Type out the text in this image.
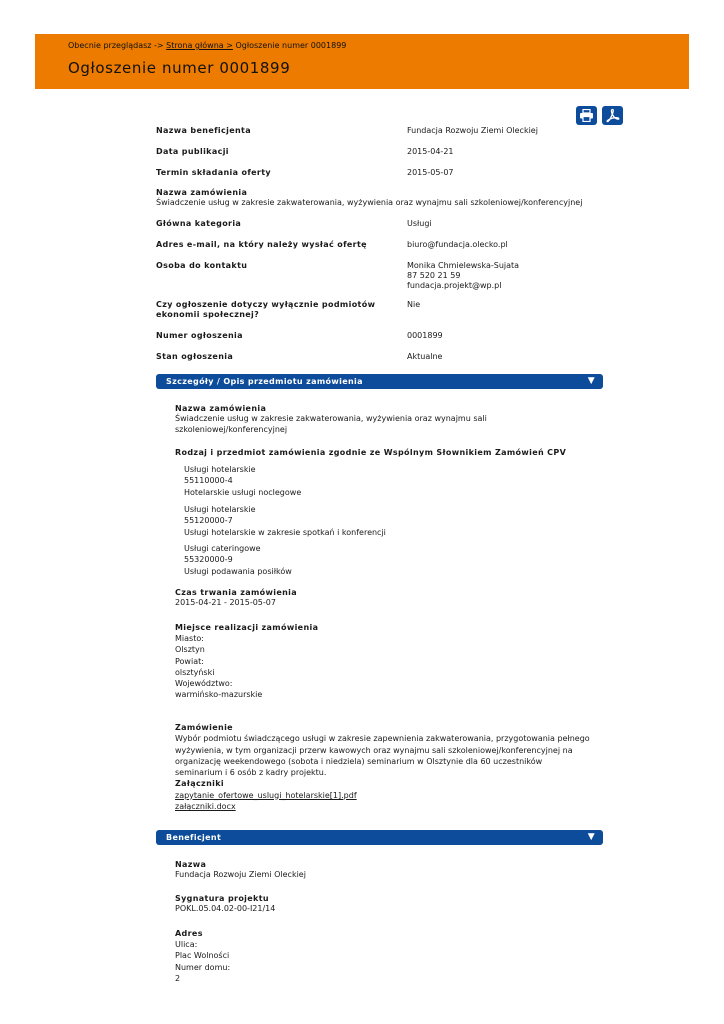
Obecnie przeglądasz -> Strona główna > Ogłoszenie numer 0001899
Ogłoszenie numer 0001899
Nazwa beneficjenta	Fundacja Rozwoju Ziemi Oleckiej
Data publikacji	2015-04-21
Termin składania oferty	2015-05-07
Nazwa zamówienia
Świadczenie usług w zakresie zakwaterowania, wyżywienia oraz wynajmu sali szkoleniowej/konferencyjnej
Główna kategoria	Usługi
Adres e-mail, na który należy wysłać ofertę	biuro@fundacja.olecko.pl
Osoba do kontaktu	Monika Chmielewska-Sujata
87 520 21 59
fundacja.projekt@wp.pl
Czy ogłoszenie dotyczy wyłącznie podmiotów ekonomii społecznej?
Nie
Numer ogłoszenia	0001899
Stan ogłoszenia	Aktualne
Szczegóły / Opis przedmiotu zamówienia	▼
Nazwa zamówienia
Świadczenie usług w zakresie zakwaterowania, wyżywienia oraz wynajmu sali szkoleniowej/konferencyjnej
Rodzaj i przedmiot zamówienia zgodnie ze Wspólnym Słownikiem Zamówień CPV
Usługi hotelarskie
55110000-4
Hotelarskie usługi noclegowe
Usługi hotelarskie
55120000-7
Usługi hotelarskie w zakresie spotkań i konferencji
Usługi cateringowe
55320000-9
Usługi podawania posiłków
Czas trwania zamówienia
2015-04-21 - 2015-05-07
Miejsce realizacji zamówienia
Miasto:
Olsztyn
Powiat:
olsztyński
Województwo:
warmińsko-mazurskie
Zamówienie
Wybór podmiotu świadczącego usługi w zakresie zapewnienia zakwaterowania, przygotowania pełnego wyżywienia, w tym organizacji przerw kawowych oraz wynajmu sali szkoleniowej/konferencyjnej na organizację weekendowego (sobota i niedziela) seminarium w Olsztynie dla 60 uczestników seminarium i 6 osób z kadry projektu.
Załączniki
zapytanie_ofertowe_uslugi_hotelarskie[1].pdf
załączniki.docx
Beneficjent	▼
Nazwa
Fundacja Rozwoju Ziemi Oleckiej
Sygnatura projektu
POKL.05.04.02-00-I21/14
Adres
Ulica:
Plac Wolności
Numer domu:
2
